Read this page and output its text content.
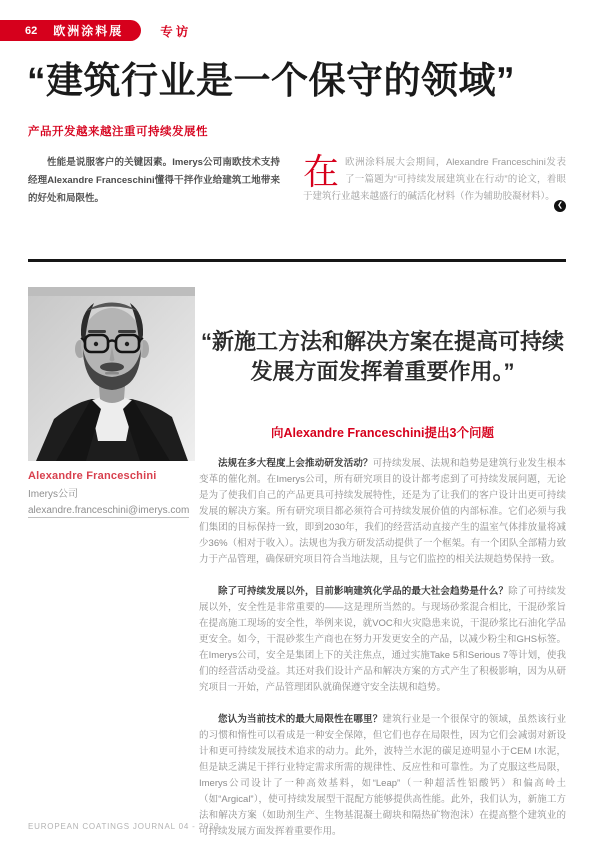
62 欧洲涂料展	专访
“建筑行业是一个保守的领域”
产品开发越来越注重可持续发展性

性能是说服客户的关键因素。Imerys公司南欧技术支持经理Alexandre Franceschini懂得干拌作业给建筑工地带来的好处和局限性。

在欧洲涂料展大会期间，Alexandre Franceschini发表了一篇题为“可持续发展建筑业在行动”的论文，着眼于建筑行业越来越盛行的碱活化材料（作为辅助胶凝材料）。
❮
Alexandre Franceschini
Imerys公司
alexandre.franceschini@imerys.com
“新施工方法和解决方案在提高可持续发展方面发挥着重要作用。”
向Alexandre Franceschini提出3个问题

法规在多大程度上会推动研发活动？可持续发展、法规和趋势是建筑行业发生根本变革的催化剂。在Imerys公司，所有研究项目的设计都考虑到了可持续发展问题，无论是为了使我们自己的产品更具可持续发展特性，还是为了让我们的客户设计出更可持续发展的解决方案。所有研究项目都必须符合可持续发展价值的内部标准。它们必须与我们集团的目标保持一致，即到2030年，我们的经营活动直接产生的温室气体排放量将减少36%（相对于收入）。法规也为我方研发活动提供了一个框架。有一个团队全部精力致力于产品管理，确保研究项目符合当地法规，且与它们监控的相关法规趋势保持一致。

除了可持续发展以外，目前影响建筑化学品的最大社会趋势是什么？除了可持续发展以外，安全性是非常重要的——这是理所当然的。与现场砂浆混合相比，干混砂浆旨在提高施工现场的安全性，举例来说，就VOC和火灾隐患来说，干混砂浆比石油化学品更安全。如今，干混砂浆生产商也在努力开发更安全的产品，以减少粉尘和GHS标签。在Imerys公司，安全是集团上下的关注焦点，通过实施Take 5和Serious 7等计划，使我们的经营活动受益。其还对我们设计产品和解决方案的方式产生了积极影响，因为从研究项目一开始，产品管理团队就确保遵守安全法规和趋势。

您认为当前技术的最大局限性在哪里？建筑行业是一个很保守的领域，虽然该行业的习惯和惰性可以看成是一种安全保障，但它们也存在局限性，因为它们会减弱对新设计和更可持续发展技术追求的动力。此外，波特兰水泥的碳足迹明显小于CEM I水泥，但是缺乏满足干拌行业特定需求所需的规律性、反应性和可靠性。为了克服这些局限，Imerys公司设计了一种高效基料，如“Leap”（一种超活性铝酸钙）和偏高岭土（如“Argical”），使可持续发展型干混配方能够提供高性能。此外，我们认为，新施工方法和解决方案（如助剂生产、生物基混凝土砌块和隔热矿物泡沫）在提高整个建筑业的可持续发展方面发挥着重要作用。

EUROPEAN COATINGS JOURNAL 04 - 2023
